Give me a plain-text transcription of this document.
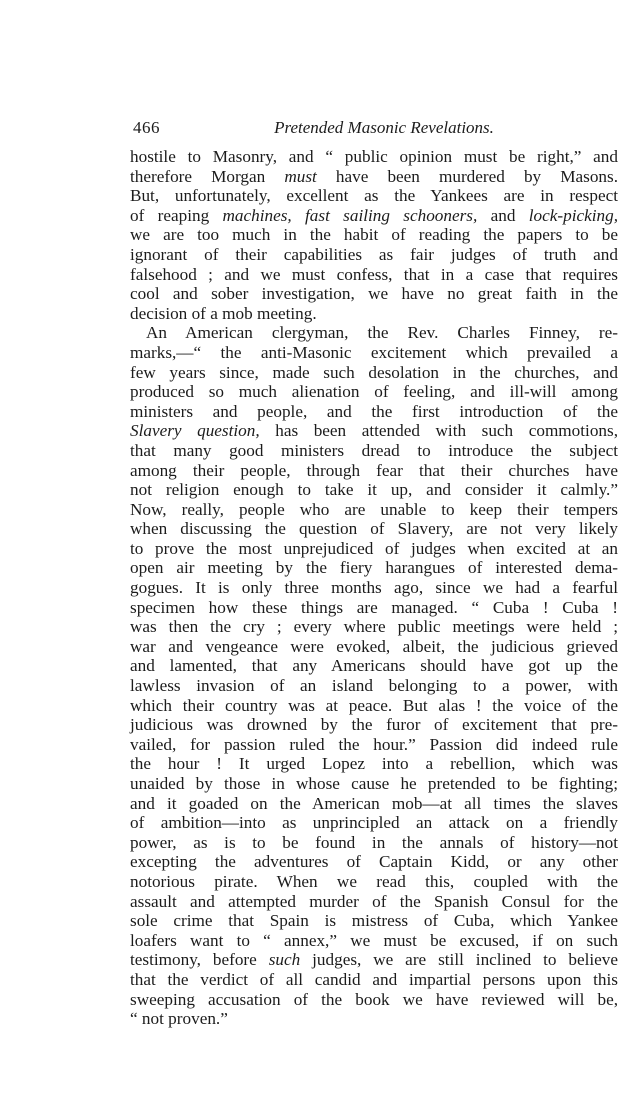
466	Pretended Masonic Revelations.
hostile to Masonry, and “ public opinion must be right,” and
therefore Morgan must have been murdered by Masons.
But, unfortunately, excellent as the Yankees are in respect
of reaping machines, fast sailing schooners, and lock-picking,
we are too much in the habit of reading the papers to be
ignorant of their capabilities as fair judges of truth and
falsehood ; and we must confess, that in a case that requires
cool and sober investigation, we have no great faith in the
decision of a mob meeting.
An American clergyman, the Rev. Charles Finney, re-
marks,—“ the anti-Masonic excitement which prevailed a
few years since, made such desolation in the churches, and
produced so much alienation of feeling, and ill-will among
ministers and people, and the first introduction of the
Slavery question, has been attended with such commotions,
that many good ministers dread to introduce the subject
among their people, through fear that their churches have
not religion enough to take it up, and consider it calmly.”
Now, really, people who are unable to keep their tempers
when discussing the question of Slavery, are not very likely
to prove the most unprejudiced of judges when excited at an
open air meeting by the fiery harangues of interested dema-
gogues. It is only three months ago, since we had a fearful
specimen how these things are managed. “ Cuba ! Cuba !
was then the cry ; every where public meetings were held ;
war and vengeance were evoked, albeit, the judicious grieved
and lamented, that any Americans should have got up the
lawless invasion of an island belonging to a power, with
which their country was at peace. But alas ! the voice of the
judicious was drowned by the furor of excitement that pre-
vailed, for passion ruled the hour.” Passion did indeed rule
the hour ! It urged Lopez into a rebellion, which was
unaided by those in whose cause he pretended to be fighting;
and it goaded on the American mob—at all times the slaves
of ambition—into as unprincipled an attack on a friendly
power, as is to be found in the annals of history—not
excepting the adventures of Captain Kidd, or any other
notorious pirate. When we read this, coupled with the
assault and attempted murder of the Spanish Consul for the
sole crime that Spain is mistress of Cuba, which Yankee
loafers want to “ annex,” we must be excused, if on such
testimony, before such judges, we are still inclined to believe
that the verdict of all candid and impartial persons upon this
sweeping accusation of the book we have reviewed will be,
“ not proven.”
